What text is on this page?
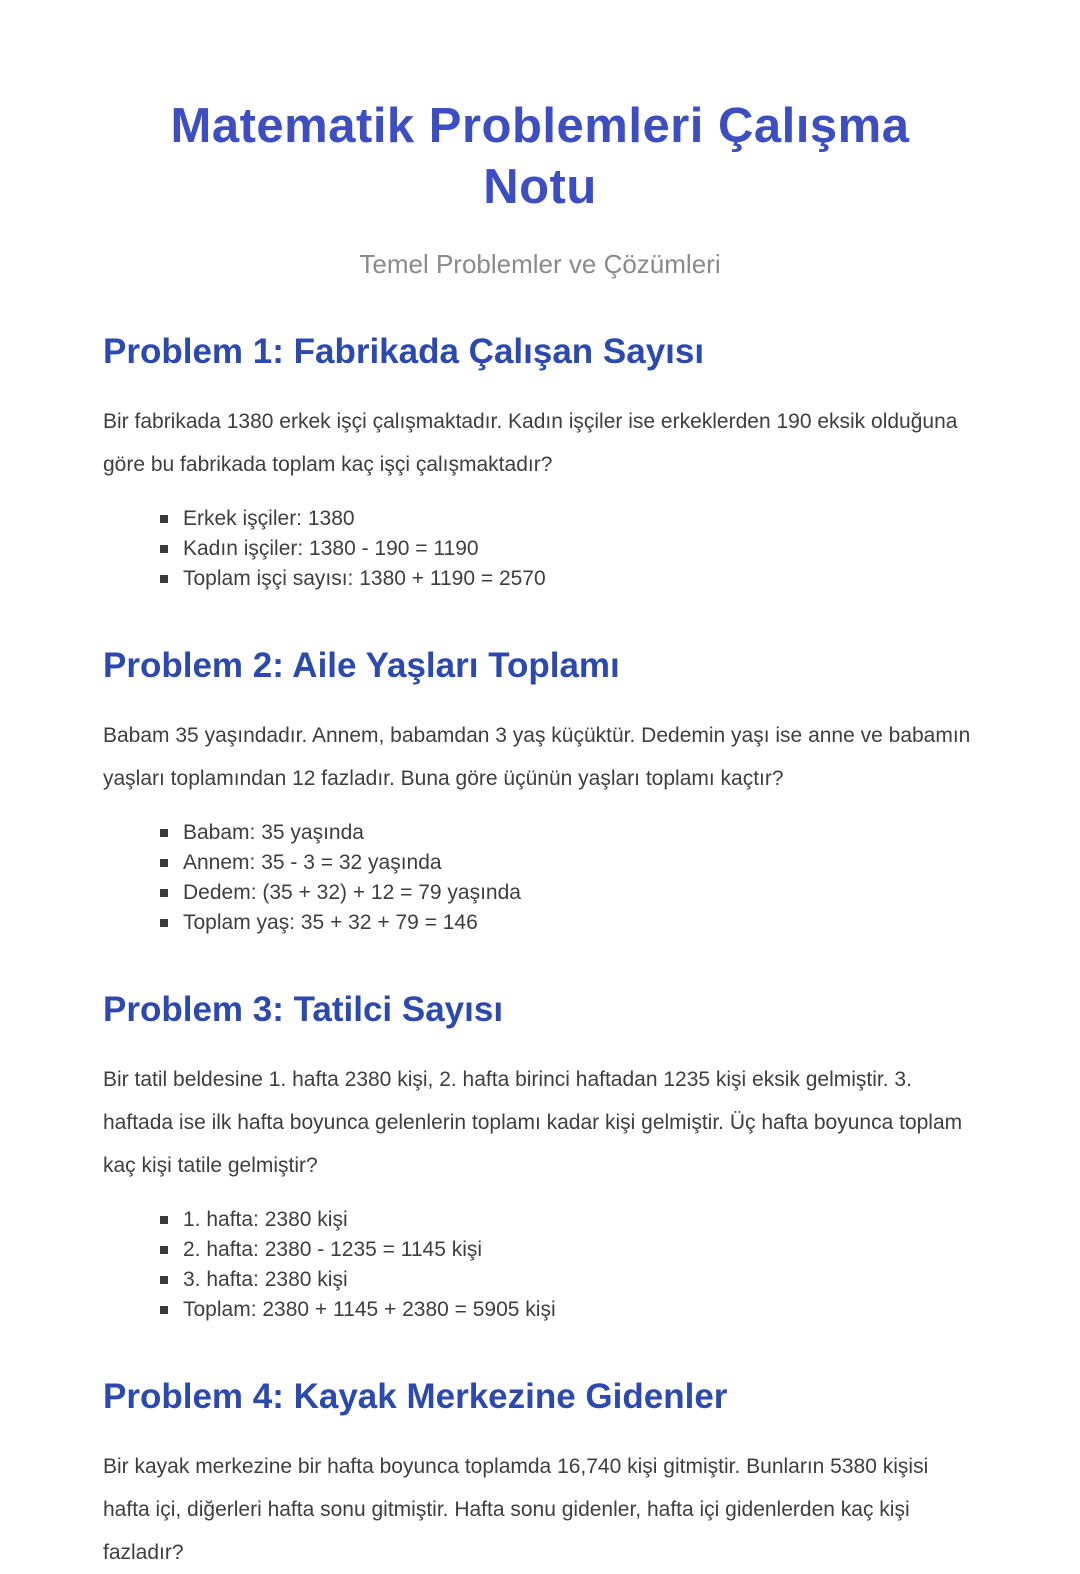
Matematik Problemleri Çalışma Notu

Temel Problemler ve Çözümleri

Problem 1: Fabrikada Çalışan Sayısı

Bir fabrikada 1380 erkek işçi çalışmaktadır. Kadın işçiler ise erkeklerden 190 eksik olduğuna göre bu fabrikada toplam kaç işçi çalışmaktadır?

Erkek işçiler: 1380
Kadın işçiler: 1380 - 190 = 1190
Toplam işçi sayısı: 1380 + 1190 = 2570
Problem 2: Aile Yaşları Toplamı

Babam 35 yaşındadır. Annem, babamdan 3 yaş küçüktür. Dedemin yaşı ise anne ve babamın yaşları toplamından 12 fazladır. Buna göre üçünün yaşları toplamı kaçtır?

Babam: 35 yaşında
Annem: 35 - 3 = 32 yaşında
Dedem: (35 + 32) + 12 = 79 yaşında
Toplam yaş: 35 + 32 + 79 = 146
Problem 3: Tatilci Sayısı

Bir tatil beldesine 1. hafta 2380 kişi, 2. hafta birinci haftadan 1235 kişi eksik gelmiştir. 3. haftada ise ilk hafta boyunca gelenlerin toplamı kadar kişi gelmiştir. Üç hafta boyunca toplam kaç kişi tatile gelmiştir?

1. hafta: 2380 kişi
2. hafta: 2380 - 1235 = 1145 kişi
3. hafta: 2380 kişi
Toplam: 2380 + 1145 + 2380 = 5905 kişi
Problem 4: Kayak Merkezine Gidenler

Bir kayak merkezine bir hafta boyunca toplamda 16,740 kişi gitmiştir. Bunların 5380 kişisi hafta içi, diğerleri hafta sonu gitmiştir. Hafta sonu gidenler, hafta içi gidenlerden kaç kişi fazladır?
